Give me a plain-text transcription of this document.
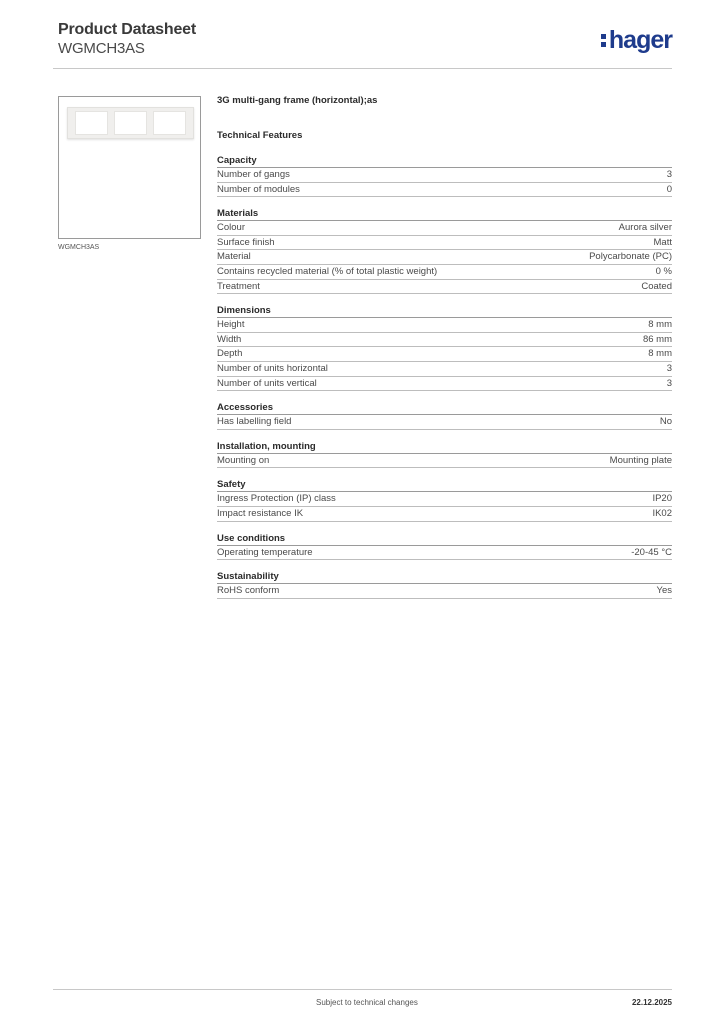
Product Datasheet
WGMCH3AS	hager
WGMCH3AS
3G multi-gang frame (horizontal);as
Technical Features
Capacity
Number of gangs	3
Number of modules	0
Materials
Colour	Aurora silver
Surface finish	Matt
Material	Polycarbonate (PC)
Contains recycled material (% of total plastic weight)	0 %
Treatment	Coated
Dimensions
Height	8 mm
Width	86 mm
Depth	8 mm
Number of units horizontal	3
Number of units vertical	3
Accessories
Has labelling field	No
Installation, mounting
Mounting on	Mounting plate
Safety
Ingress Protection (IP) class	IP20
Impact resistance IK	IK02
Use conditions
Operating temperature	-20-45 °C
Sustainability
RoHS conform	Yes
Subject to technical changes	22.12.2025
